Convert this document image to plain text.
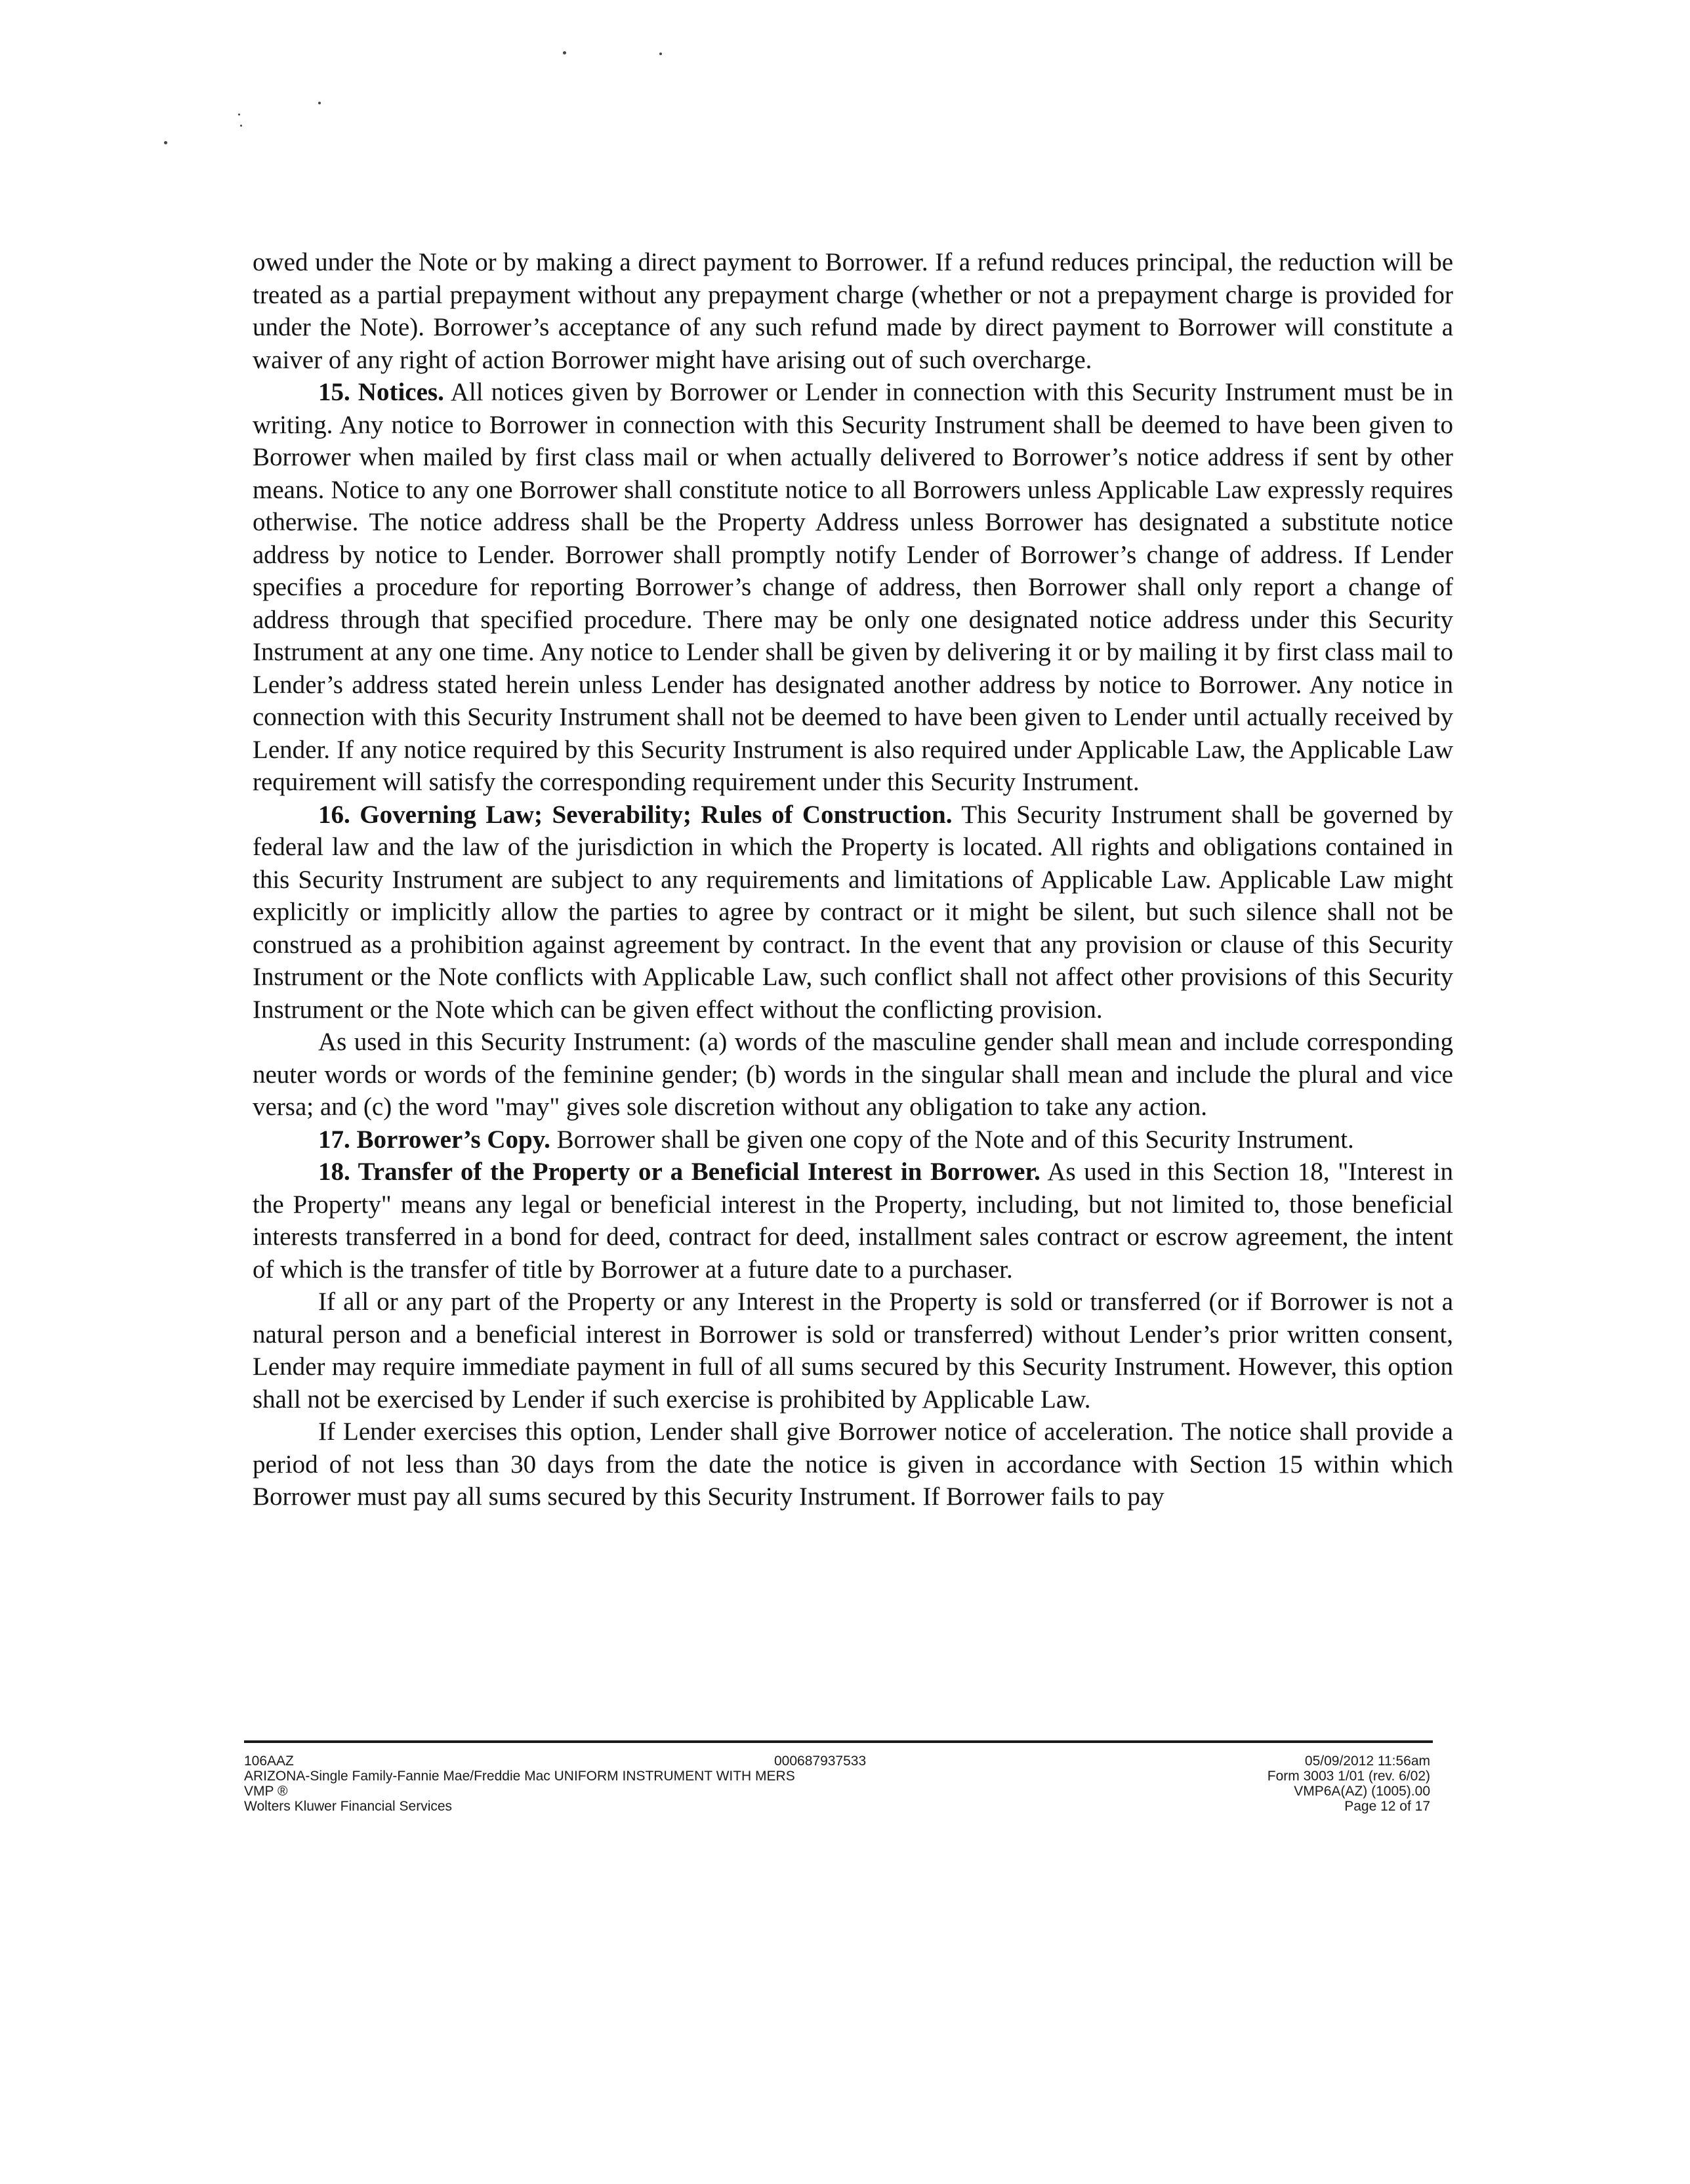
owed under the Note or by making a direct payment to Borrower. If a refund reduces principal, the reduction will be treated as a partial prepayment without any prepayment charge (whether or not a prepayment charge is provided for under the Note). Borrower’s acceptance of any such refund made by direct payment to Borrower will constitute a waiver of any right of action Borrower might have arising out of such overcharge.

15. Notices. All notices given by Borrower or Lender in connection with this Security Instrument must be in writing. Any notice to Borrower in connection with this Security Instrument shall be deemed to have been given to Borrower when mailed by first class mail or when actually delivered to Borrower’s notice address if sent by other means. Notice to any one Borrower shall constitute notice to all Borrowers unless Applicable Law expressly requires otherwise. The notice address shall be the Property Address unless Borrower has designated a substitute notice address by notice to Lender. Borrower shall promptly notify Lender of Borrower’s change of address. If Lender specifies a procedure for reporting Borrower’s change of address, then Borrower shall only report a change of address through that specified procedure. There may be only one designated notice address under this Security Instrument at any one time. Any notice to Lender shall be given by delivering it or by mailing it by first class mail to Lender’s address stated herein unless Lender has designated another address by notice to Borrower. Any notice in connection with this Security Instrument shall not be deemed to have been given to Lender until actually received by Lender. If any notice required by this Security Instrument is also required under Applicable Law, the Applicable Law requirement will satisfy the corresponding requirement under this Security Instrument.

16. Governing Law; Severability; Rules of Construction. This Security Instrument shall be governed by federal law and the law of the jurisdiction in which the Property is located. All rights and obligations contained in this Security Instrument are subject to any requirements and limitations of Applicable Law. Applicable Law might explicitly or implicitly allow the parties to agree by contract or it might be silent, but such silence shall not be construed as a prohibition against agreement by contract. In the event that any provision or clause of this Security Instrument or the Note conflicts with Applicable Law, such conflict shall not affect other provisions of this Security Instrument or the Note which can be given effect without the conflicting provision.

As used in this Security Instrument: (a) words of the masculine gender shall mean and include corresponding neuter words or words of the feminine gender; (b) words in the singular shall mean and include the plural and vice versa; and (c) the word "may" gives sole discretion without any obligation to take any action.

17. Borrower’s Copy. Borrower shall be given one copy of the Note and of this Security Instrument.

18. Transfer of the Property or a Beneficial Interest in Borrower. As used in this Section 18, "Interest in the Property" means any legal or beneficial interest in the Property, including, but not limited to, those beneficial interests transferred in a bond for deed, contract for deed, installment sales contract or escrow agreement, the intent of which is the transfer of title by Borrower at a future date to a purchaser.

If all or any part of the Property or any Interest in the Property is sold or transferred (or if Borrower is not a natural person and a beneficial interest in Borrower is sold or transferred) without Lender’s prior written consent, Lender may require immediate payment in full of all sums secured by this Security Instrument. However, this option shall not be exercised by Lender if such exercise is prohibited by Applicable Law.

If Lender exercises this option, Lender shall give Borrower notice of acceleration. The notice shall provide a period of not less than 30 days from the date the notice is given in accordance with Section 15 within which Borrower must pay all sums secured by this Security Instrument. If Borrower fails to pay

106AAZ
ARIZONA-Single Family-Fannie Mae/Freddie Mac UNIFORM INSTRUMENT WITH MERS
VMP ®
Wolters Kluwer Financial Services
000687937533	05/09/2012 11:56am
Form 3003 1/01 (rev. 6/02)
VMP6A(AZ) (1005).00
Page 12 of 17
